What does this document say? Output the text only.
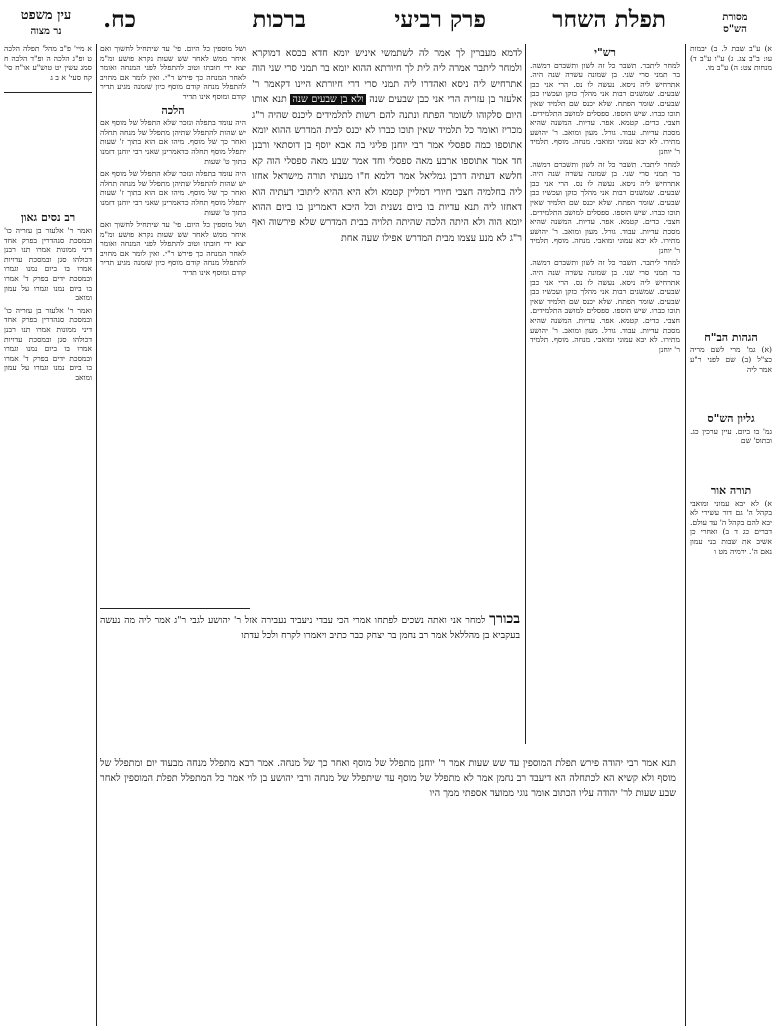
תפלת השחר
פרק רביעי
ברכות
כח.	מסורת
הש"ס
עין משפט
נר מצוה

א) ע"ב שבת ל. ב) יבמות עו: ב"ב צג. ג) ע"ו ע"ב ד) מנחות צט: ה) ע"ב מו.

הגהות הב"ח

(א) גמ' מרי לשם מריה כצ"ל (ב) שם לפני ר"ע אמר ליה

גליון הש"ס

גמ' בו ביום. עיין ערכין כג. ובתוס' שם

תורה אור

א) לא יבא עמוני ומואבי בקהל ה' גם דור עשירי לא יבא להם בקהל ה' עד עולם. דברים כג ד ב) ואחרי כן אשיב את שבות בני עמון נאם ה'. ירמיה מט ו

רש"י

למחר ליתבר. תשבר כל זה לשון ותשברם דמשה. בר תמני סרי שני. בן שמונה עשרה שנה היה. אתרחיש ליה ניסא. נעשה לו נס. הרי אני כבן שבעים. שמשנים רבות אני מהלך כזקן ועכשיו כבן שבעים. שומר הפתח. שלא יכנס שם תלמיד שאין תוכו כברו. שיש הוספו. ספסלים למושב התלמידים. חצבי. כדים. קטמא. אפר. עדיות. המשנה שהיא מסכת עדיות. עבוד. גורל. מעון ומואב. ר' יהושע מתירו. לא יבא עמוני ומואבי. מנחה. מוסף. תלמיד ר' יוחנן

למחר ליתבר. תשבר כל זה לשון ותשברם דמשה. בר תמני סרי שני. בן שמונה עשרה שנה היה. אתרחיש ליה ניסא. נעשה לו נס. הרי אני כבן שבעים. שמשנים רבות אני מהלך כזקן ועכשיו כבן שבעים. שומר הפתח. שלא יכנס שם תלמיד שאין תוכו כברו. שיש הוספו. ספסלים למושב התלמידים. חצבי. כדים. קטמא. אפר. עדיות. המשנה שהיא מסכת עדיות. עבוד. גורל. מעון ומואב. ר' יהושע מתירו. לא יבא עמוני ומואבי. מנחה. מוסף. תלמיד ר' יוחנן

למחר ליתבר. תשבר כל זה לשון ותשברם דמשה. בר תמני סרי שני. בן שמונה עשרה שנה היה. אתרחיש ליה ניסא. נעשה לו נס. הרי אני כבן שבעים. שמשנים רבות אני מהלך כזקן ועכשיו כבן שבעים. שומר הפתח. שלא יכנס שם תלמיד שאין תוכו כברו. שיש הוספו. ספסלים למושב התלמידים. חצבי. כדים. קטמא. אפר. עדיות. המשנה שהיא מסכת עדיות. עבוד. גורל. מעון ומואב. ר' יהושע מתירו. לא יבא עמוני ומואבי. מנחה. מוסף. תלמיד ר' יוחנן

לדמא מעברין לך אמר לה לשתמשי איניש יומא חדא בכסא דמוקרא ולמחר ליתבר אמרה ליה לית לך חיורתא ההוא יומא בר תמני סרי שני הוה אתרחיש ליה ניסא ואהדרו ליה תמני סרי דרי חיורתא היינו דקאמר ר' אלעזר בן עזריה הרי אני כבן שבעים שנה ולא בן שבעים שנה תנא אותו היום סלקוהו לשומר הפתח ונתנה להם רשות לתלמידים ליכנס שהיה ר"ג מכריז ואומר כל תלמיד שאין תוכו כברו לא יכנס לבית המדרש ההוא יומא אתוספו כמה ספסלי אמר רבי יוחנן פליגי בה אבא יוסף בן דוסתאי ורבנן חד אמר אתוספו ארבע מאה ספסלי וחד אמר שבע מאה ספסלי הוה קא חלשא דעתיה דרבן גמליאל אמר דלמא ח"ו מנעתי תורה מישראל אחזו ליה בחלמיה חצבי חיורי דמליין קטמא ולא היא ההיא ליתובי דעתיה הוא דאחזו ליה תנא עדיות בו ביום נשנית וכל היכא דאמרינן בו ביום ההוא יומא הוה ולא היתה הלכה שהיתה תלויה בבית המדרש שלא פירשוה ואף ר"ג לא מנע עצמו מבית המדרש אפילו שעה אחת

ושל מוספין כל היום. פי' עד שיתחיל לחשוך ואם איחר ממש לאחר שש שעות נקרא פושע ומ"מ יצא ידי חובתו וטוב להתפלל לפני המנחה ואומר לאחר המנחה כך פירש ר"י. ואין לומר אם מחויב להתפלל מנחה קודם מוסף כיון שזמנה מגיע תדיר קודם ומוסף אינו תדיר

הלכה

היה עומד בתפלה ונזכר שלא התפלל של מוסף אם יש שהות להתפלל שתיהן מתפלל של מנחה תחלה ואחר כך של מוסף. מיהו אם הוא בתוך ז' שעות יתפלל מוסף תחלה כדאמרינן שאני רבי יוחנן דזמנו בתוך ט' שעות

היה עומד בתפלה ונזכר שלא התפלל של מוסף אם יש שהות להתפלל שתיהן מתפלל של מנחה תחלה ואחר כך של מוסף. מיהו אם הוא בתוך ז' שעות יתפלל מוסף תחלה כדאמרינן שאני רבי יוחנן דזמנו בתוך ט' שעות

ושל מוספין כל היום. פי' עד שיתחיל לחשוך ואם איחר ממש לאחר שש שעות נקרא פושע ומ"מ יצא ידי חובתו וטוב להתפלל לפני המנחה ואומר לאחר המנחה כך פירש ר"י. ואין לומר אם מחויב להתפלל מנחה קודם מוסף כיון שזמנה מגיע תדיר קודם ומוסף אינו תדיר

א מיי' פ"ב מהל' תפלה הלכה ט ופ"ג הלכה ה ופ"ד הלכה ח סמג עשין יט טוש"ע או"ח סי' קח סעי' א ב ג

רב נסים גאון

ואמר ר' אלעזר בן עזריה כו' ובמסכת סנהדרין בפרק אחד דיני ממונות אמרו תנו רבנן דכולהו סגן ובמסכת עדויות אמרו בו ביום נמנו וגמרו ובמסכת ידים בפרק ד' אמרו בו ביום נמנו וגמרו על עמון ומואב

ואמר ר' אלעזר בן עזריה כו' ובמסכת סנהדרין בפרק אחד דיני ממונות אמרו תנו רבנן דכולהו סגן ובמסכת עדויות אמרו בו ביום נמנו וגמרו ובמסכת ידים בפרק ד' אמרו בו ביום נמנו וגמרו על עמון ומואב

בכורך למחר אני ואתה נשכים לפתחו אמרי הכי עבדי ניעביד נעבירה אזל ר' יהושע לגבי ר"ג אמר ליה מה נעשה בעקביא בן מהללאל אמר רב נחמן בר יצחק כבר כתיב ויאמרו לקרח ולכל עדתו
תנא אמר רבי יהודה פירש תפלת המוספין עד שש שעות אמר ר' יוחנן מתפלל של מוסף ואחר כך של מנחה. אמר רבא מתפלל מנחה מבעוד יום ומתפלל של מוסף ולא קשיא הא לכתחלה הא דיעבד רב נחמן אמר לא מתפלל של מוסף עד שיתפלל של מנחה ורבי יהושע בן לוי אמר כל המתפלל תפלת המוספין לאחר שבע שעות לר' יהודה עליו הכתוב אומר נוגי ממועד אספתי ממך היו
